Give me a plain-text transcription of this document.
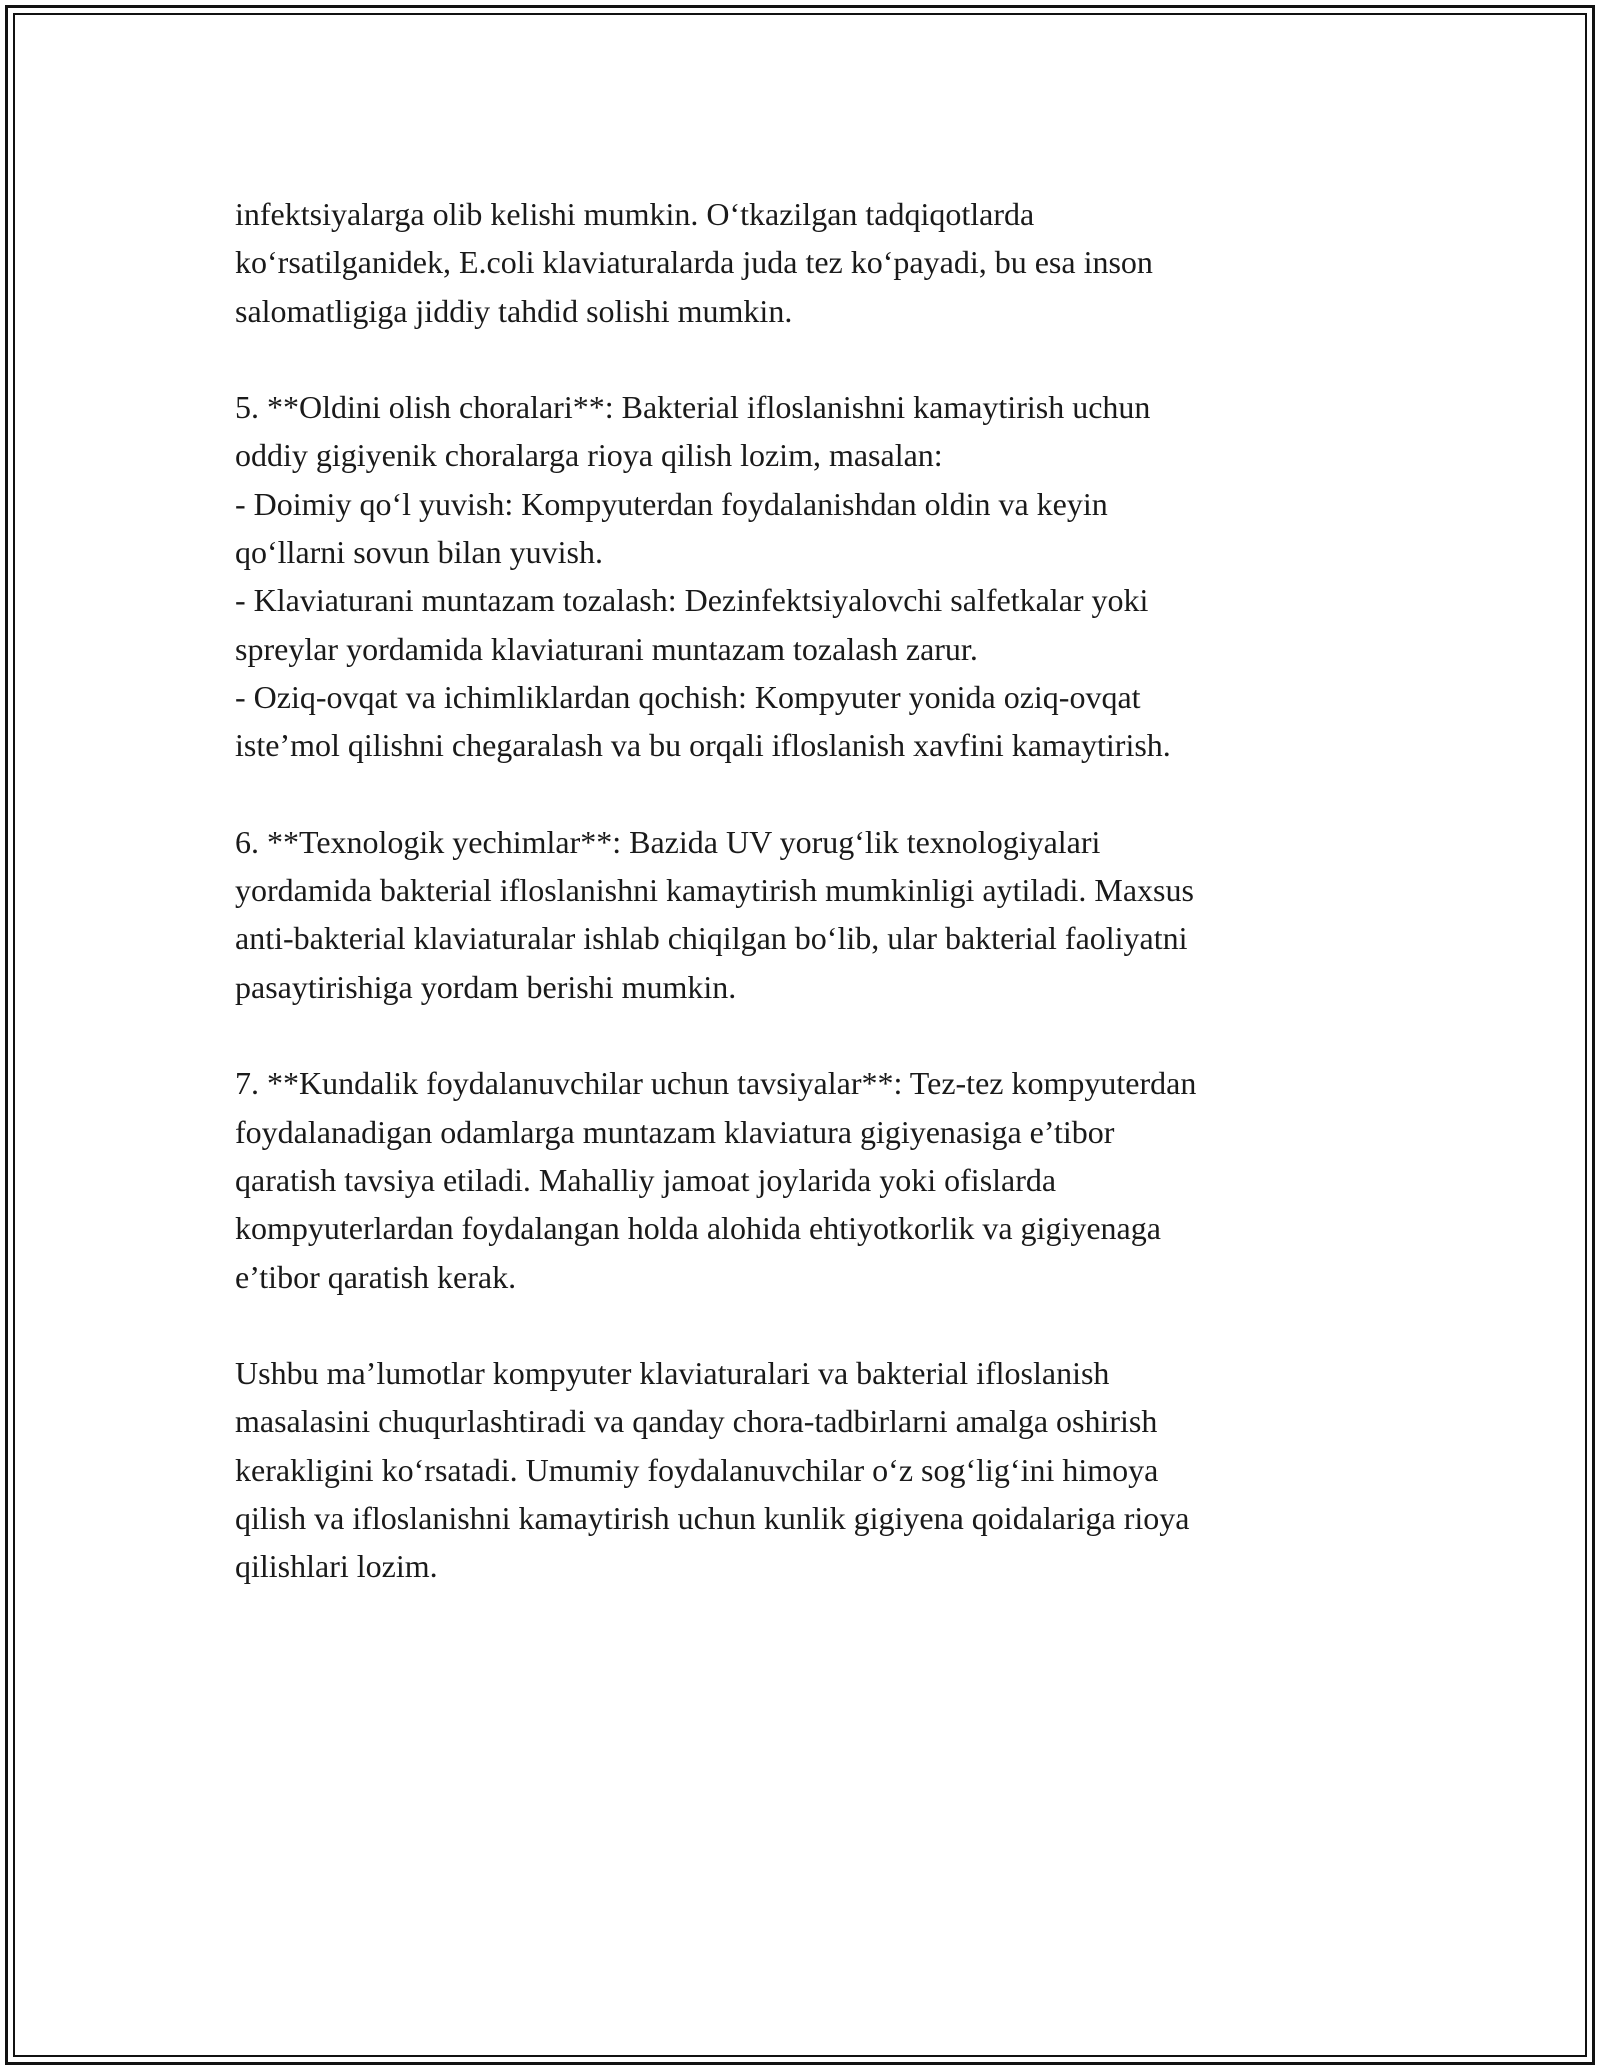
infektsiyalarga olib kelishi mumkin. O‘tkazilgan tadqiqotlarda
ko‘rsatilganidek, E.coli klaviaturalarda juda tez ko‘payadi, bu esa inson
salomatligiga jiddiy tahdid solishi mumkin.

5. **Oldini olish choralari**: Bakterial ifloslanishni kamaytirish uchun
oddiy gigiyenik choralarga rioya qilish lozim, masalan:
- Doimiy qo‘l yuvish: Kompyuterdan foydalanishdan oldin va keyin
qo‘llarni sovun bilan yuvish.
- Klaviaturani muntazam tozalash: Dezinfektsiyalovchi salfetkalar yoki
spreylar yordamida klaviaturani muntazam tozalash zarur.
- Oziq-ovqat va ichimliklardan qochish: Kompyuter yonida oziq-ovqat
iste’mol qilishni chegaralash va bu orqali ifloslanish xavfini kamaytirish.

6. **Texnologik yechimlar**: Bazida UV yorug‘lik texnologiyalari
yordamida bakterial ifloslanishni kamaytirish mumkinligi aytiladi. Maxsus
anti-bakterial klaviaturalar ishlab chiqilgan bo‘lib, ular bakterial faoliyatni
pasaytirishiga yordam berishi mumkin.

7. **Kundalik foydalanuvchilar uchun tavsiyalar**: Tez-tez kompyuterdan
foydalanadigan odamlarga muntazam klaviatura gigiyenasiga e’tibor
qaratish tavsiya etiladi. Mahalliy jamoat joylarida yoki ofislarda
kompyuterlardan foydalangan holda alohida ehtiyotkorlik va gigiyenaga
e’tibor qaratish kerak.

Ushbu ma’lumotlar kompyuter klaviaturalari va bakterial ifloslanish
masalasini chuqurlashtiradi va qanday chora-tadbirlarni amalga oshirish
kerakligini ko‘rsatadi. Umumiy foydalanuvchilar o‘z sog‘lig‘ini himoya
qilish va ifloslanishni kamaytirish uchun kunlik gigiyena qoidalariga rioya
qilishlari lozim.
